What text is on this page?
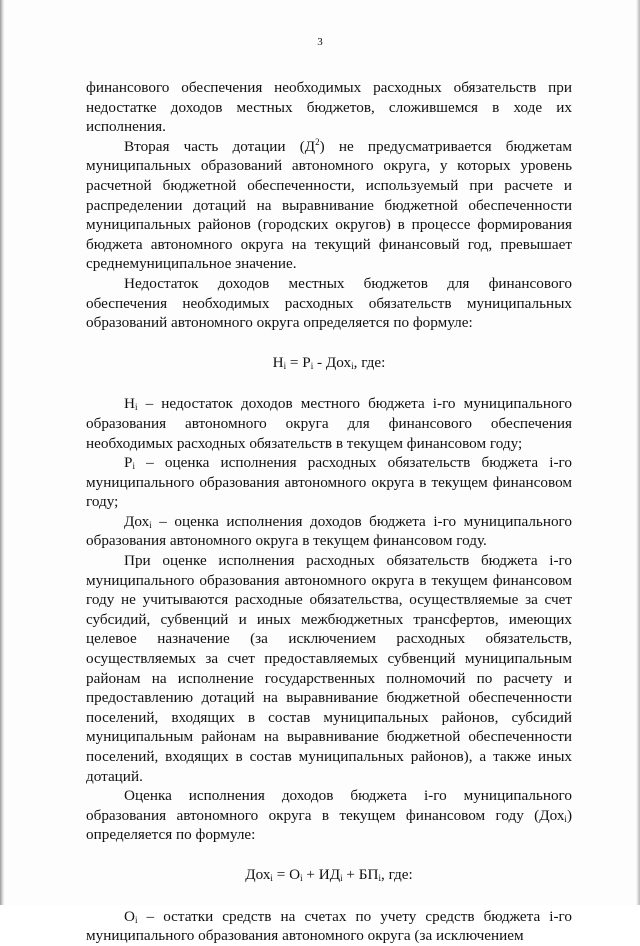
3

финансового обеспечения необходимых расходных обязательств при недостатке доходов местных бюджетов, сложившемся в ходе их исполнения.

Вторая часть дотации $(Д^2)$ не предусматривается бюджетам муниципальных образований автономного округа, у которых уровень расчетной бюджетной обеспеченности, используемый при расчете и распределении дотаций на выравнивание бюджетной обеспеченности муниципальных районов (городских округов) в процессе формирования бюджета автономного округа на текущий финансовый год, превышает среднемуниципальное значение.

Недостаток доходов местных бюджетов для финансового обеспечения необходимых расходных обязательств муниципальных образований автономного округа определяется по формуле:

$Н_i = Р_i - Дох_i$, где:

$Н_i$ – недостаток доходов местного бюджета i-го муниципального образования автономного округа для финансового обеспечения необходимых расходных обязательств в текущем финансовом году;

$Р_i$ – оценка исполнения расходных обязательств бюджета i-го муниципального образования автономного округа в текущем финансовом году;

Дох$_i$ – оценка исполнения доходов бюджета i-го муниципального образования автономного округа в текущем финансовом году.

При оценке исполнения расходных обязательств бюджета i-го муниципального образования автономного округа в текущем финансовом году не учитываются расходные обязательства, осуществляемые за счет субсидий, субвенций и иных межбюджетных трансфертов, имеющих целевое назначение (за исключением расходных обязательств, осуществляемых за счет предоставляемых субвенций муниципальным районам на исполнение государственных полномочий по расчету и предоставлению дотаций на выравнивание бюджетной обеспеченности поселений, входящих в состав муниципальных районов, субсидий муниципальным районам на выравнивание бюджетной обеспеченности поселений, входящих в состав муниципальных районов), а также иных дотаций.

Оценка исполнения доходов бюджета i-го муниципального образования автономного округа в текущем финансовом году (Дох$_i$) определяется по формуле:

$Дох_i = О_i + ИД_i + БП_i$, где:

$О_i$ – остатки средств на счетах по учету средств бюджета i-го муниципального образования автономного округа (за исключением
